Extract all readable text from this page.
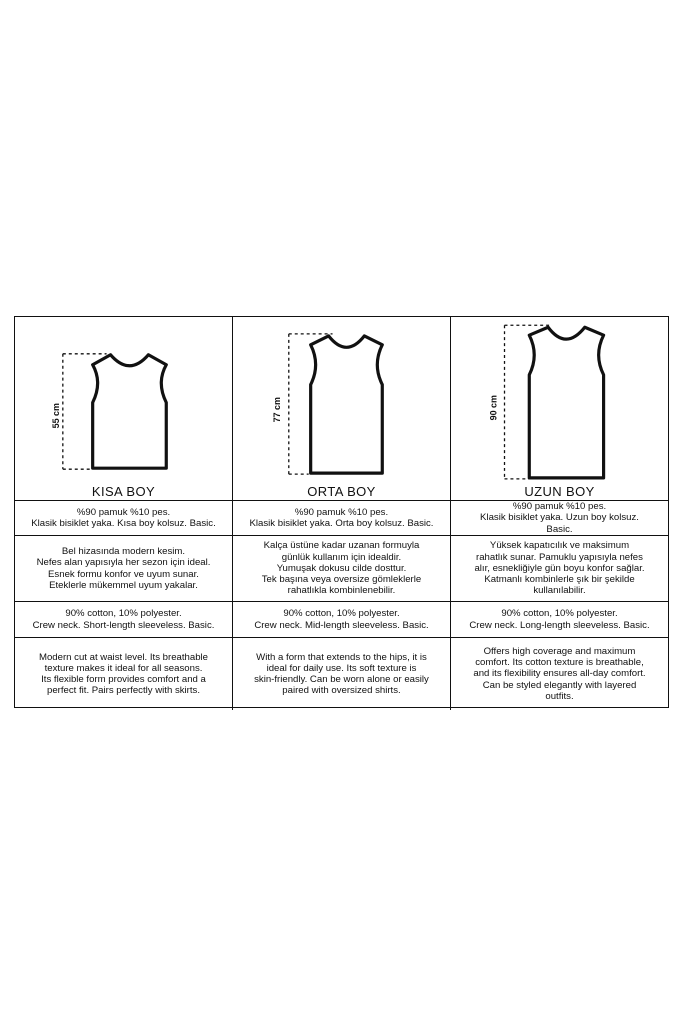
55 cm

KISA BOY

77 cm

ORTA BOY

90 cm

UZUN BOY

%90 pamuk %10 pes.
Klasik bisiklet yaka. Kısa boy kolsuz. Basic.
%90 pamuk %10 pes.
Klasik bisiklet yaka. Orta boy kolsuz. Basic.
%90 pamuk %10 pes.
Klasik bisiklet yaka. Uzun boy kolsuz.
Basic.
Bel hizasında modern kesim.
Nefes alan yapısıyla her sezon için ideal.
Esnek formu konfor ve uyum sunar.
Eteklerle mükemmel uyum yakalar.
Kalça üstüne kadar uzanan formuyla
günlük kullanım için idealdir.
Yumuşak dokusu cilde dosttur.
Tek başına veya oversize gömleklerle
rahatlıkla kombinlenebilir.
Yüksek kapatıcılık ve maksimum
rahatlık sunar. Pamuklu yapısıyla nefes
alır, esnekliğiyle gün boyu konfor sağlar.
Katmanlı kombinlerle şık bir şekilde
kullanılabilir.
90% cotton, 10% polyester.
Crew neck. Short-length sleeveless. Basic.
90% cotton, 10% polyester.
Crew neck. Mid-length sleeveless. Basic.
90% cotton, 10% polyester.
Crew neck. Long-length sleeveless. Basic.
Modern cut at waist level. Its breathable
texture makes it ideal for all seasons.
Its flexible form provides comfort and a
perfect fit. Pairs perfectly with skirts.
With a form that extends to the hips, it is
ideal for daily use. Its soft texture is
skin-friendly. Can be worn alone or easily
paired with oversized shirts.
Offers high coverage and maximum
comfort. Its cotton texture is breathable,
and its flexibility ensures all-day comfort.
Can be styled elegantly with layered
outfits.
